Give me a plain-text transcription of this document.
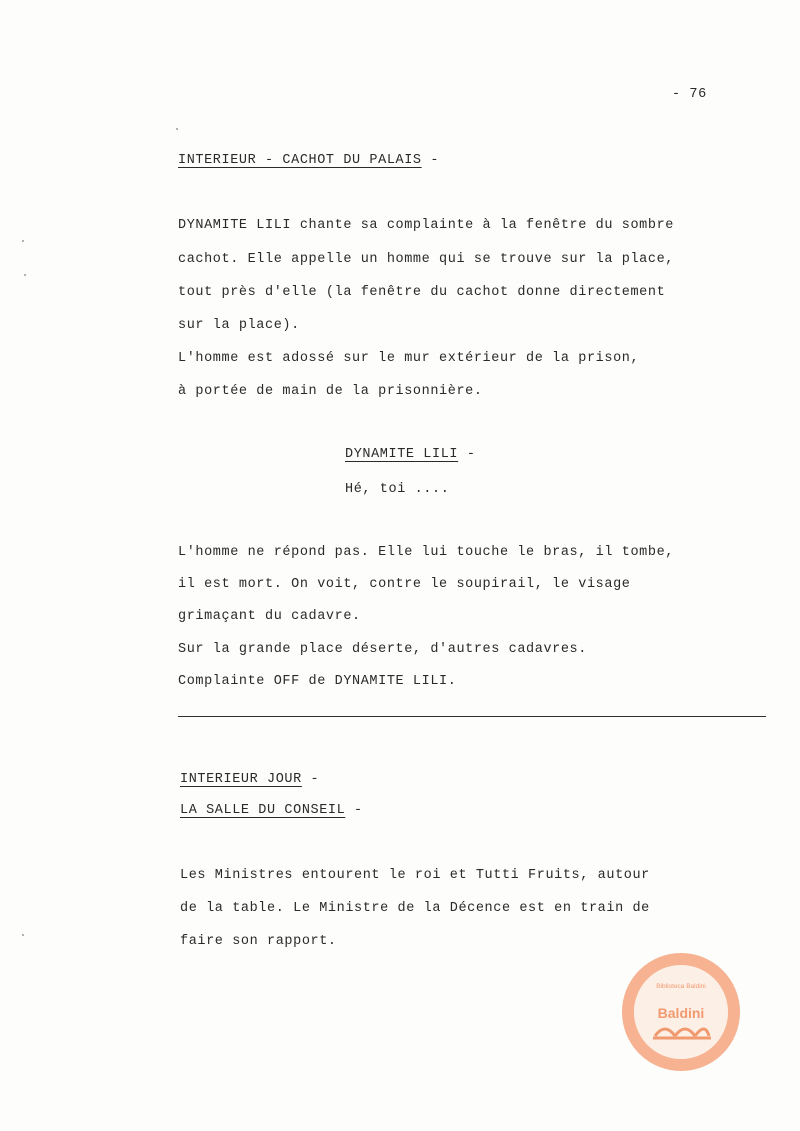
- 76
INTERIEUR - CACHOT DU PALAIS -
DYNAMITE LILI chante sa complainte à la fenêtre du sombre
cachot. Elle appelle un homme qui se trouve sur la place,
tout près d'elle (la fenêtre du cachot donne directement
sur la place).
L'homme est adossé sur le mur extérieur de la prison,
à portée de main de la prisonnière.
DYNAMITE LILI -
Hé, toi ....
L'homme ne répond pas. Elle lui touche le bras, il tombe,
il est mort. On voit, contre le soupirail, le visage
grimaçant du cadavre.
Sur la grande place déserte, d'autres cadavres.
Complainte OFF de DYNAMITE LILI.
INTERIEUR JOUR -
LA SALLE DU CONSEIL -
Les Ministres entourent le roi et Tutti Fruits, autour
de la table. Le Ministre de la Décence est en train de
faire son rapport.
Biblioteca Baldini
Baldini
